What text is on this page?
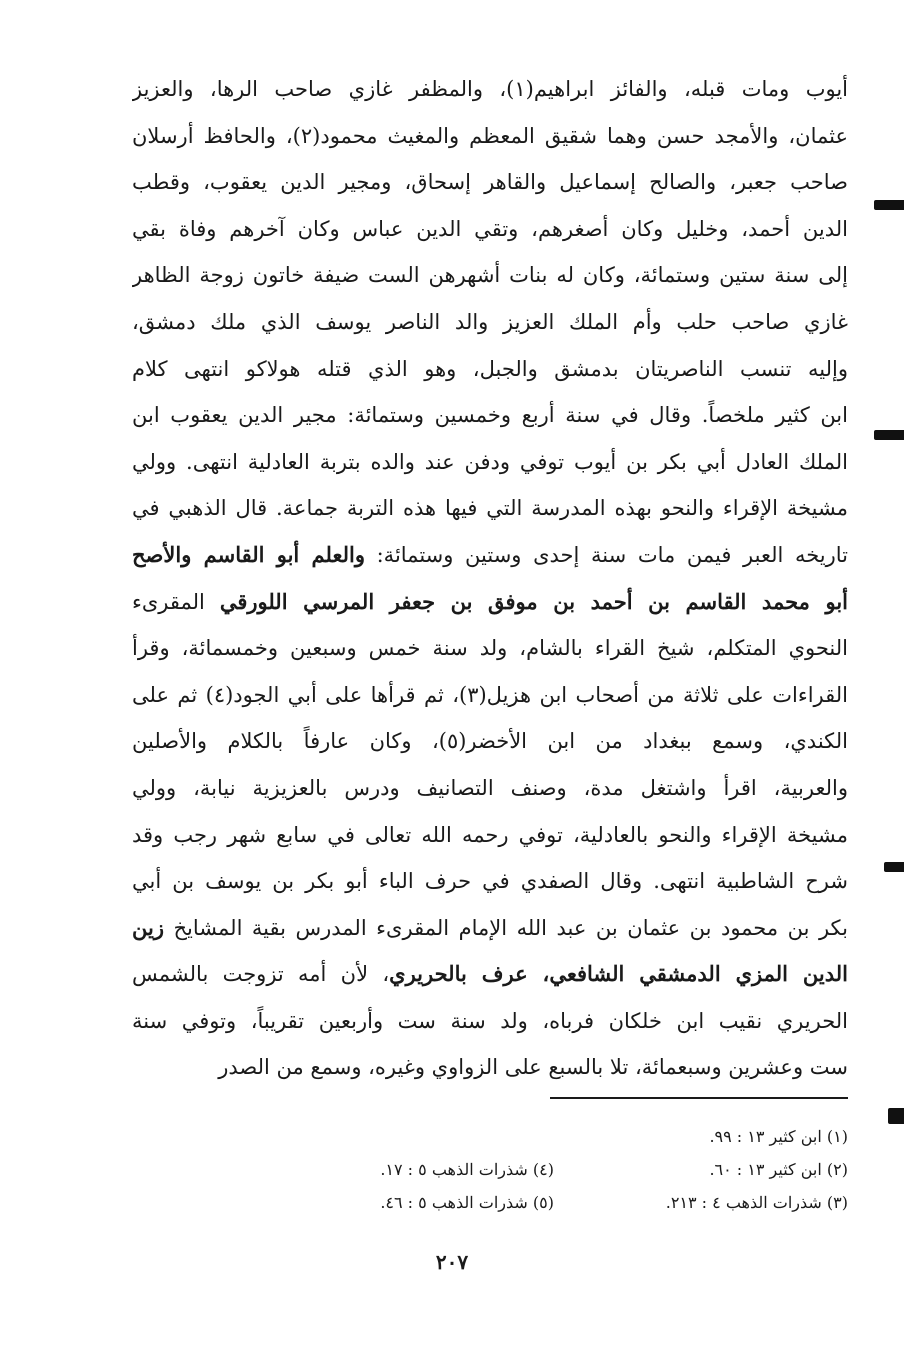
أيوب ومات قبله، والفائز ابراهيم(١)، والمظفر غازي صاحب الرها، والعزيز
عثمان، والأمجد حسن وهما شقيق المعظم والمغيث محمود(٢)، والحافظ أرسلان
صاحب جعبر، والصالح إسماعيل والقاهر إسحاق، ومجير الدين يعقوب، وقطب
الدين أحمد، وخليل وكان أصغرهم، وتقي الدين عباس وكان آخرهم وفاة بقي
إلى سنة ستين وستمائة، وكان له بنات أشهرهن الست ضيفة خاتون زوجة الظاهر
غازي صاحب حلب وأم الملك العزيز والد الناصر يوسف الذي ملك دمشق،
وإليه تنسب الناصريتان بدمشق والجبل، وهو الذي قتله هولاكو انتهى كلام
ابن كثير ملخصاً. وقال في سنة أربع وخمسين وستمائة: مجير الدين يعقوب ابن
الملك العادل أبي بكر بن أيوب توفي ودفن عند والده بتربة العادلية انتهى. وولي
مشيخة الإقراء والنحو بهذه المدرسة التي فيها هذه التربة جماعة. قال الذهبي في
تاريخه العبر فيمن مات سنة إحدى وستين وستمائة: والعلم أبو القاسم والأصح
أبو محمد القاسم بن أحمد بن موفق بن جعفر المرسي اللورقي المقرىء
النحوي المتكلم، شيخ القراء بالشام، ولد سنة خمس وسبعين وخمسمائة، وقرأ
القراءات على ثلاثة من أصحاب ابن هزيل(٣)، ثم قرأها على أبي الجود(٤) ثم على
الكندي، وسمع ببغداد من ابن الأخضر(٥)، وكان عارفاً بالكلام والأصلين
والعربية، اقرأ واشتغل مدة، وصنف التصانيف ودرس بالعزيزية نيابة، وولي
مشيخة الإقراء والنحو بالعادلية، توفي رحمه الله تعالى في سابع شهر رجب وقد
شرح الشاطبية انتهى. وقال الصفدي في حرف الباء أبو بكر بن يوسف بن أبي
بكر بن محمود بن عثمان بن عبد الله الإمام المقرىء المدرس بقية المشايخ زين
الدين المزي الدمشقي الشافعي، عرف بالحريري، لأن أمه تزوجت بالشمس
الحريري نقيب ابن خلكان فرباه، ولد سنة ست وأربعين تقريباً، وتوفي سنة
ست وعشرين وسبعمائة، تلا بالسبع على الزواوي وغيره، وسمع من الصدر
(١) ابن كثير ١٣ : ٩٩.
(٢) ابن كثير ١٣ : ٦٠.
(٤) شذرات الذهب ٥ : ١٧.
(٣) شذرات الذهب ٤ : ٢١٣.
(٥) شذرات الذهب ٥ : ٤٦.
٢٠٧
